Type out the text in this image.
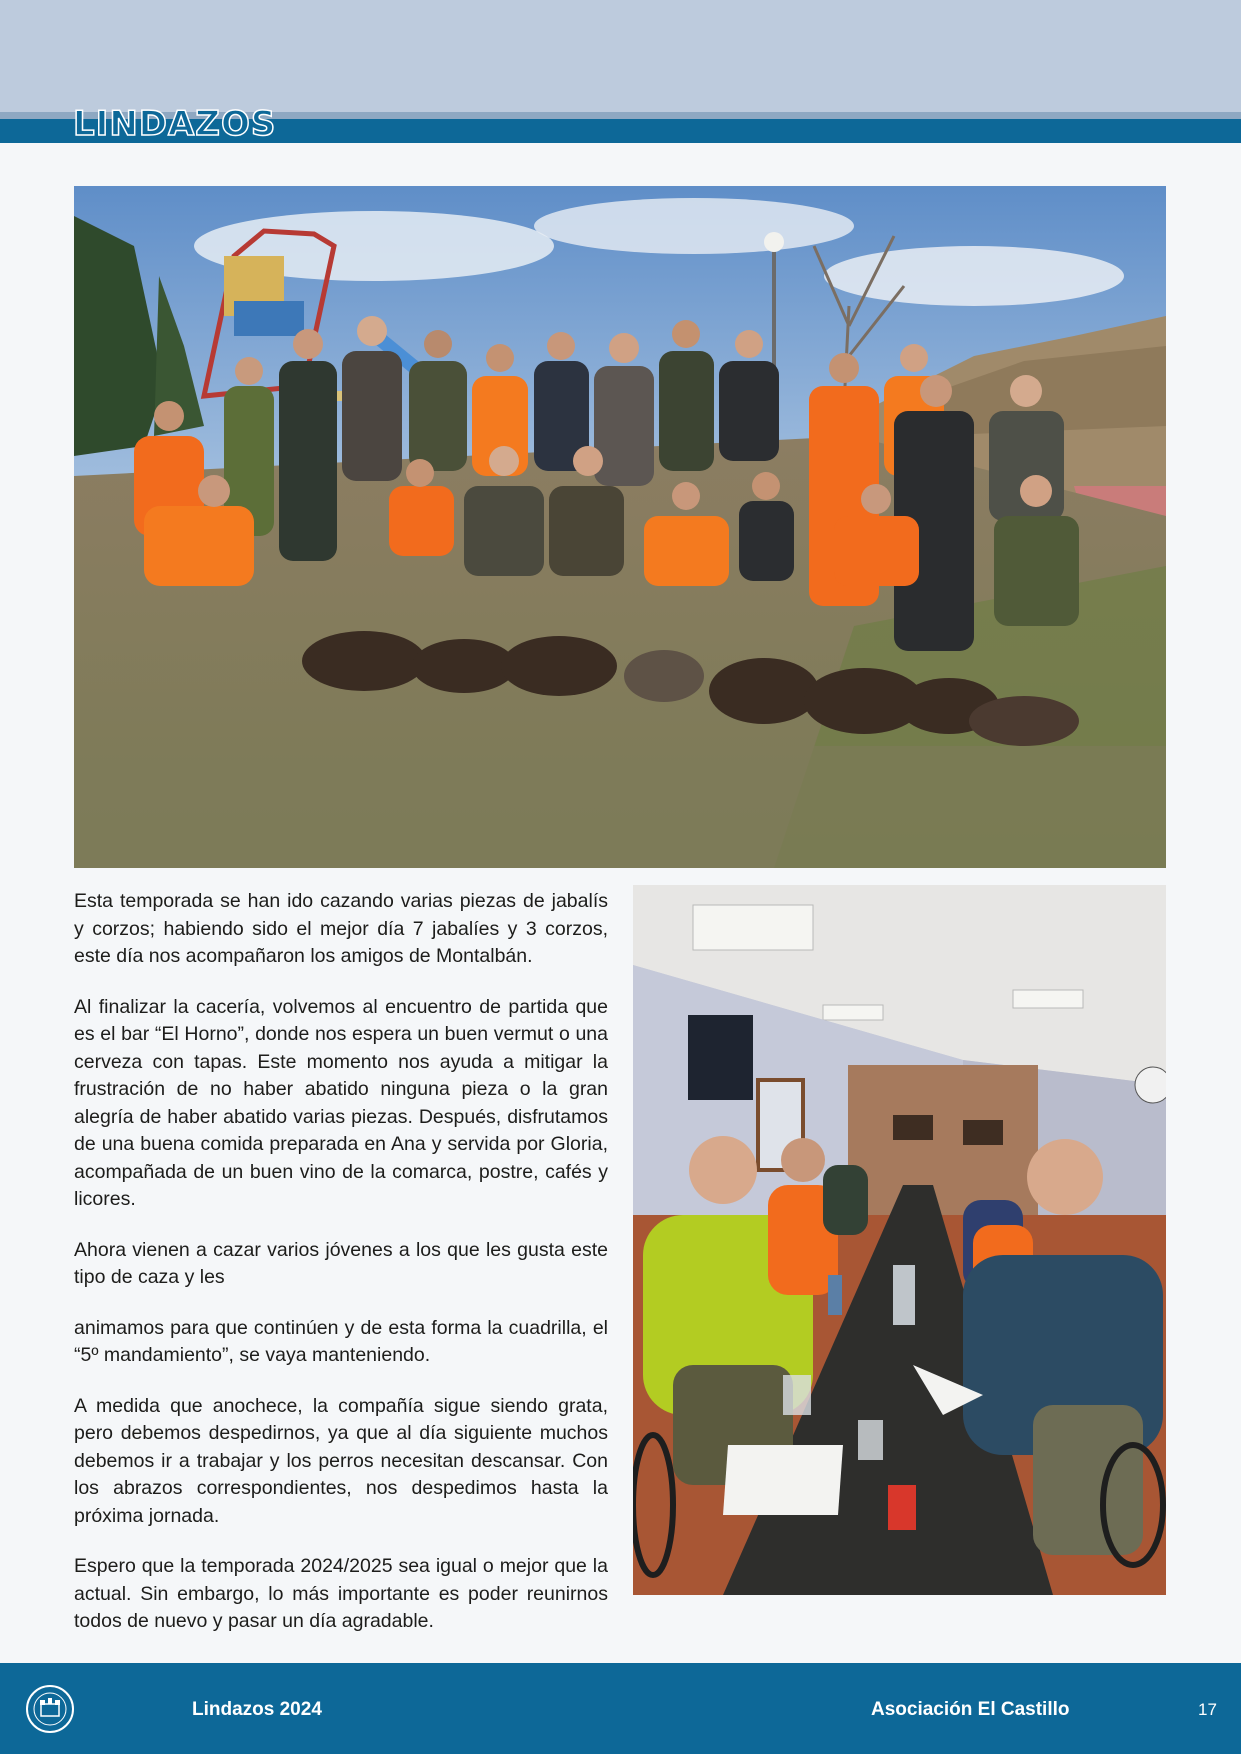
LINDAZOS

Esta temporada se han ido cazando varias piezas de jabalís y corzos; habiendo sido el mejor día 7 jabalíes y 3 corzos, este día nos acompañaron los amigos de Montalbán.

Al finalizar la cacería, volvemos al encuentro de partida que es el bar “El Horno”, donde nos espera un buen vermut o una cerveza con tapas. Este momento nos ayuda a mitigar la frustración de no haber abatido ninguna pieza o la gran alegría de haber abatido varias piezas. Después, disfrutamos de una buena comida preparada en Ana y servida por Gloria, acompañada de un buen vino de la comarca, postre, cafés y licores.

Ahora vienen a cazar varios jóvenes a los que les gusta este tipo de caza y les

animamos para que continúen y de esta forma la cuadrilla, el “5º mandamiento”, se vaya manteniendo.

A medida que anochece, la compañía sigue siendo grata, pero debemos despedirnos, ya que al día siguiente muchos debemos ir a trabajar y los perros necesitan descansar. Con los abrazos correspondientes, nos despedimos hasta la próxima jornada.

Espero que la temporada 2024/2025 sea igual o mejor que la actual. Sin embargo, lo más importante es poder reunirnos todos de nuevo y pasar un día agradable.

Lindazos 2024	Asociación El Castillo	17
